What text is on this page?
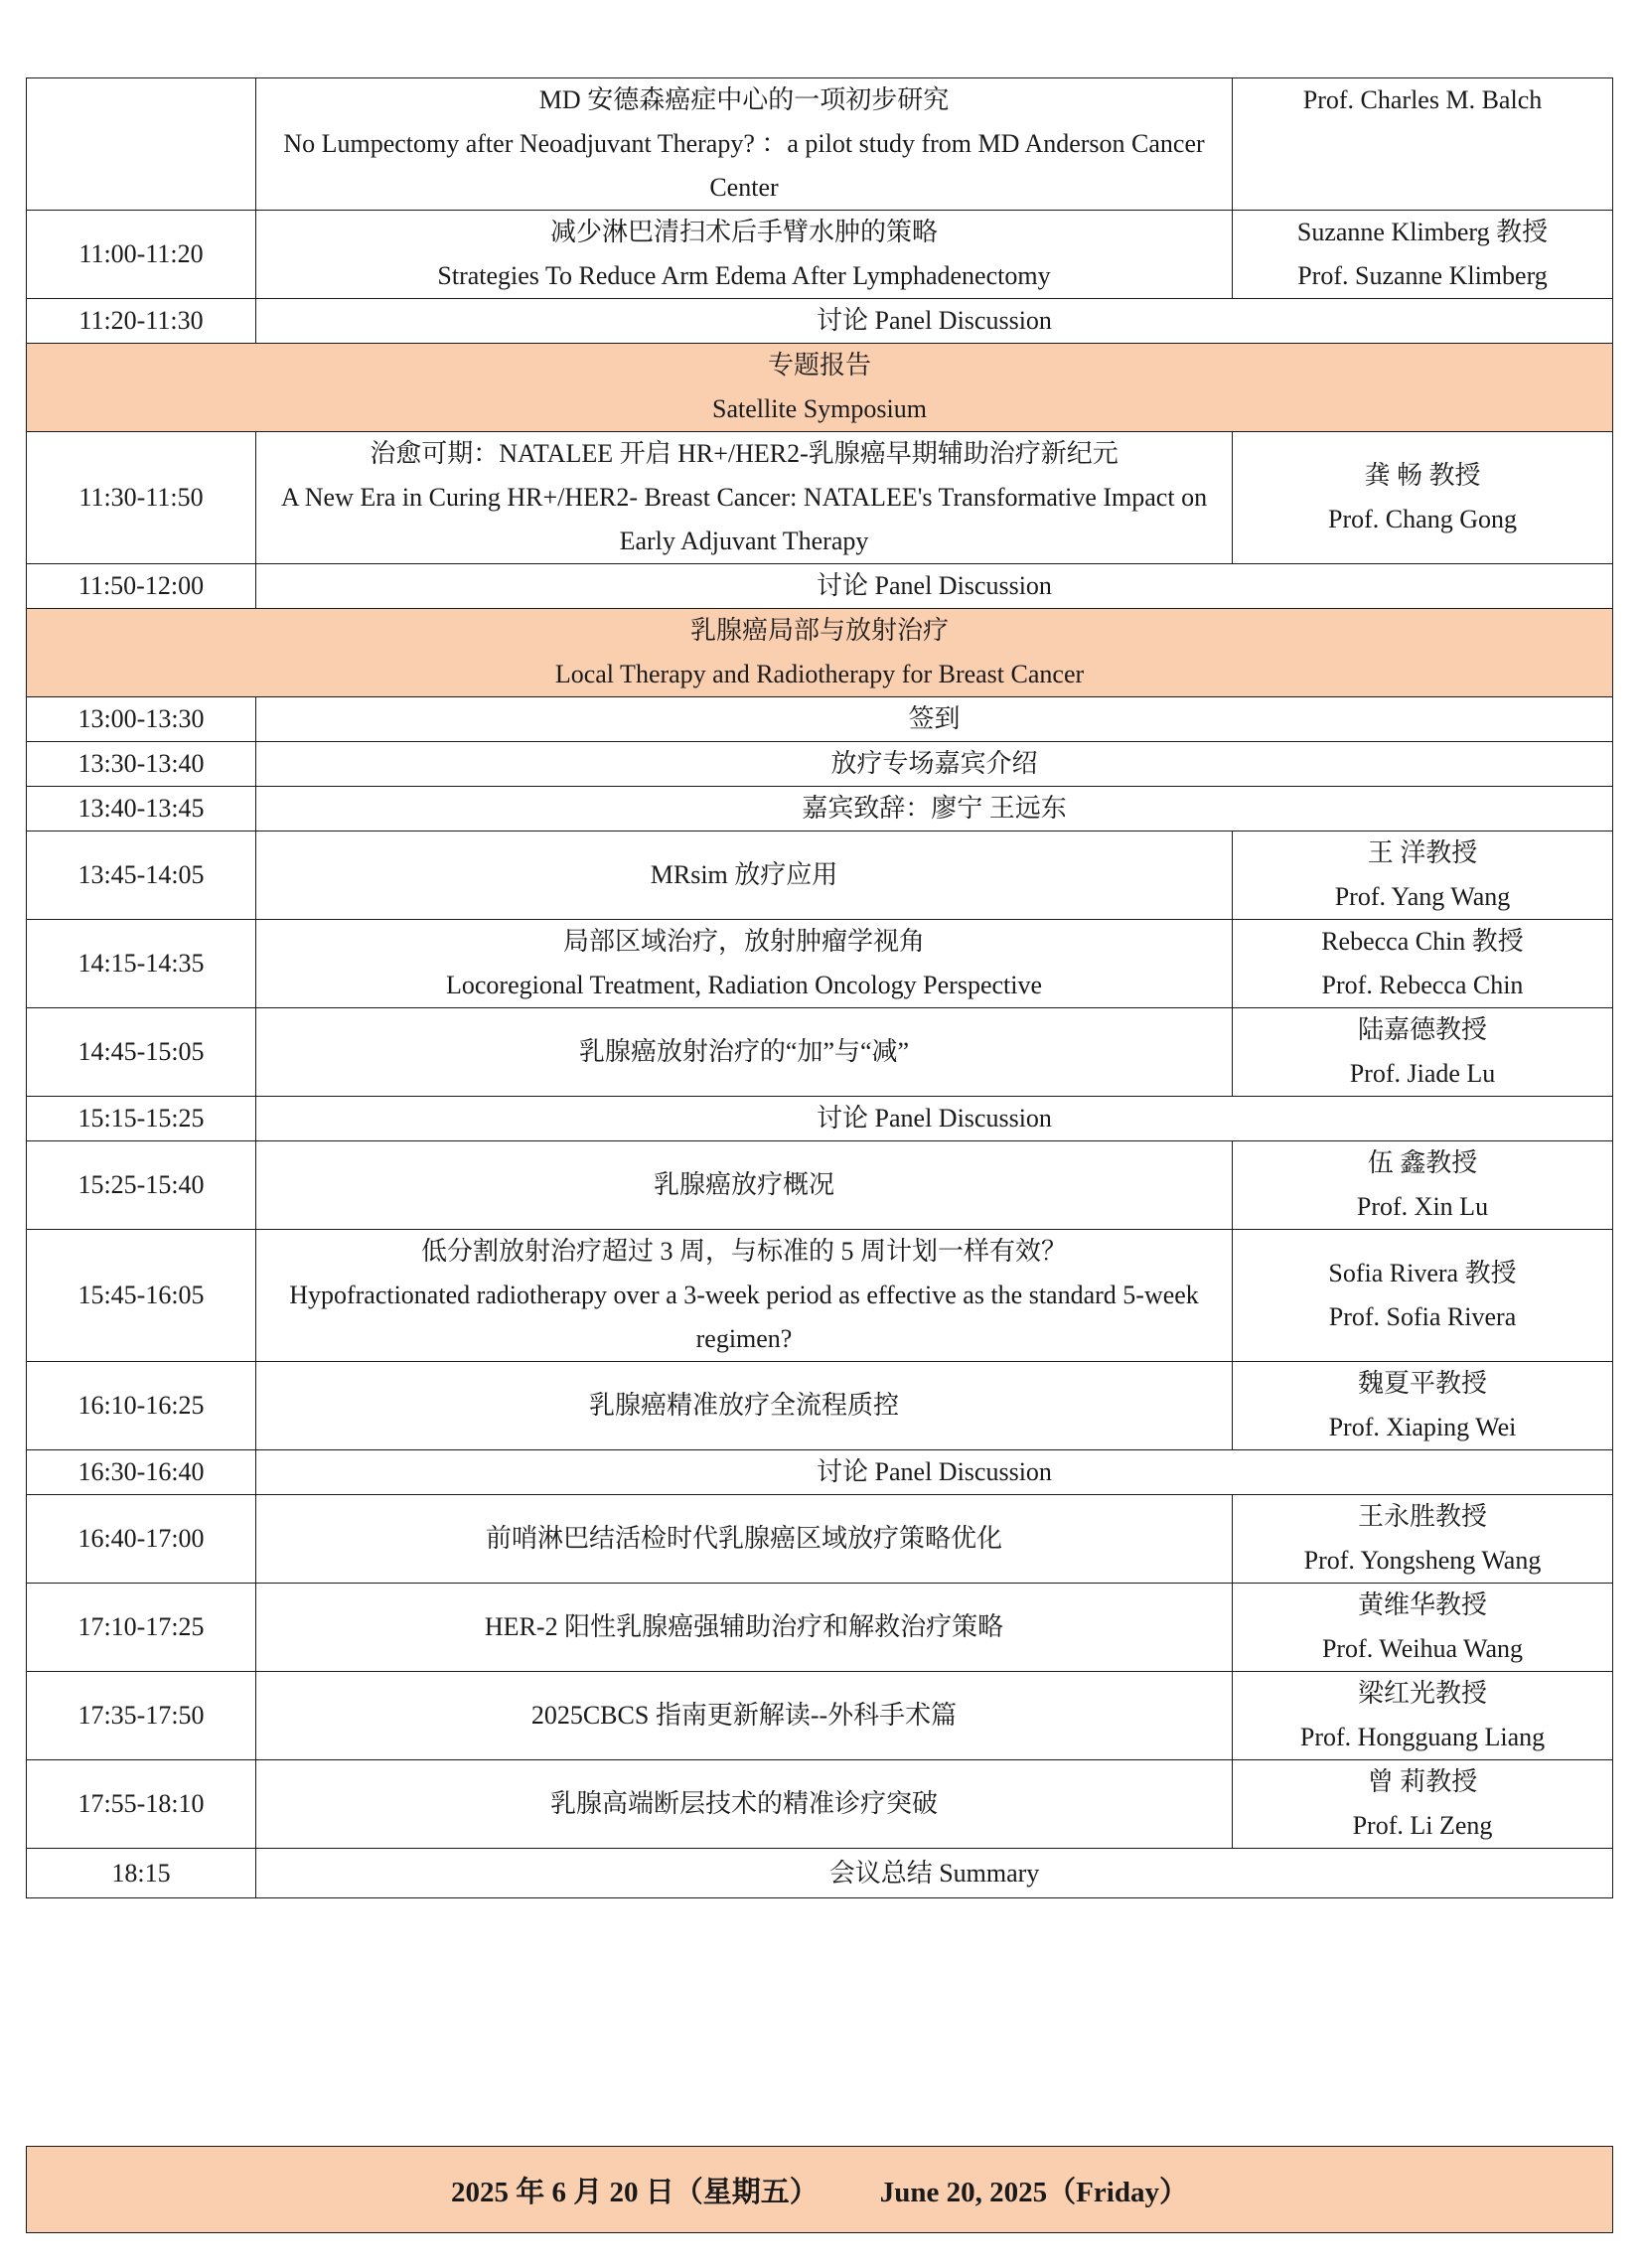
	MD 安德森癌症中心的一项初步研究
No Lumpectomy after Neoadjuvant Therapy? ：a pilot study from MD Anderson Cancer Center	Prof. Charles M. Balch

11:00-11:20	减少淋巴清扫术后手臂水肿的策略
Strategies To Reduce Arm Edema After Lymphadenectomy	Suzanne Klimberg 教授
Prof. Suzanne Klimberg

11:20-11:30	讨论 Panel Discussion	

专题报告
Satellite Symposium		

11:30-11:50	治愈可期：NATALEE 开启 HR+/HER2-乳腺癌早期辅助治疗新纪元
A New Era in Curing HR+/HER2- Breast Cancer: NATALEE's Transformative Impact on Early Adjuvant Therapy	龚 畅 教授
Prof. Chang Gong

11:50-12:00	讨论 Panel Discussion	

乳腺癌局部与放射治疗
Local Therapy and Radiotherapy for Breast Cancer		

13:00-13:30	签到	
13:30-13:40	放疗专场嘉宾介绍	
13:40-13:45	嘉宾致辞：廖宁 王远东	
13:45-14:05	MRsim 放疗应用	王 洋教授
Prof. Yang Wang

14:15-14:35	局部区域治疗，放射肿瘤学视角
Locoregional Treatment, Radiation Oncology Perspective	Rebecca Chin 教授
Prof. Rebecca Chin

14:45-15:05	乳腺癌放射治疗的“加”与“减”	陆嘉德教授
Prof. Jiade Lu

15:15-15:25	讨论 Panel Discussion	
15:25-15:40	乳腺癌放疗概况	伍 鑫教授
Prof. Xin Lu

15:45-16:05	低分割放射治疗超过 3 周，与标准的 5 周计划一样有效？
Hypofractionated radiotherapy over a 3-week period as effective as the standard 5-week regimen?	Sofia Rivera 教授
Prof. Sofia Rivera

16:10-16:25	乳腺癌精准放疗全流程质控	魏夏平教授
Prof. Xiaping Wei

16:30-16:40	讨论 Panel Discussion	
16:40-17:00	前哨淋巴结活检时代乳腺癌区域放疗策略优化	王永胜教授
Prof. Yongsheng Wang

17:10-17:25	HER-2 阳性乳腺癌强辅助治疗和解救治疗策略	黄维华教授
Prof. Weihua Wang

17:35-17:50	2025CBCS 指南更新解读--外科手术篇	梁红光教授
Prof. Hongguang Liang

17:55-18:10	乳腺高端断层技术的精准诊疗突破	曾 莉教授
Prof. Li Zeng

18:15	会议总结 Summary	
2025 年 6 月 20 日（星期五） June 20, 2025（Friday）
